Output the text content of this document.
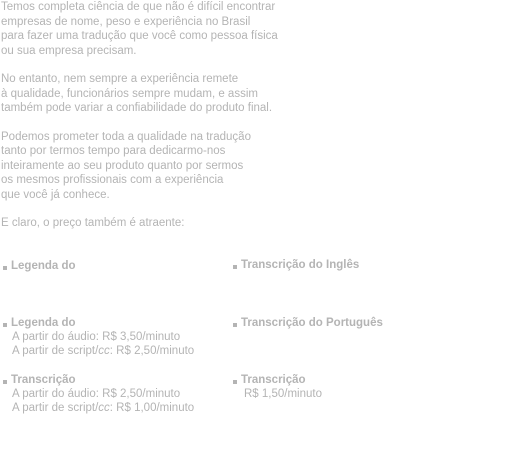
Temos completa ciência de que não é difícil encontrar
empresas de nome, peso e experiência no Brasil
para fazer uma tradução que você como pessoa física
ou sua empresa precisam.

No entanto, nem sempre a experiência remete
à qualidade, funcionários sempre mudam, e assim
também pode variar a confiabilidade do produto final.

Podemos prometer toda a qualidade na tradução
tanto por termos tempo para dedicarmo-nos
inteiramente ao seu produto quanto por sermos
os mesmos profissionais com a experiência
que você já conhece.

E claro, o preço também é atraente:

Legenda do	Transcrição do Inglês
Legenda do
A partir do áudio: R$ 3,50/minuto
A partir de script/cc: R$ 2,50/minuto
Transcrição do Português
Transcrição
A partir do áudio: R$ 2,50/minuto
A partir de script/cc: R$ 1,00/minuto
Transcrição
R$ 1,50/minuto
